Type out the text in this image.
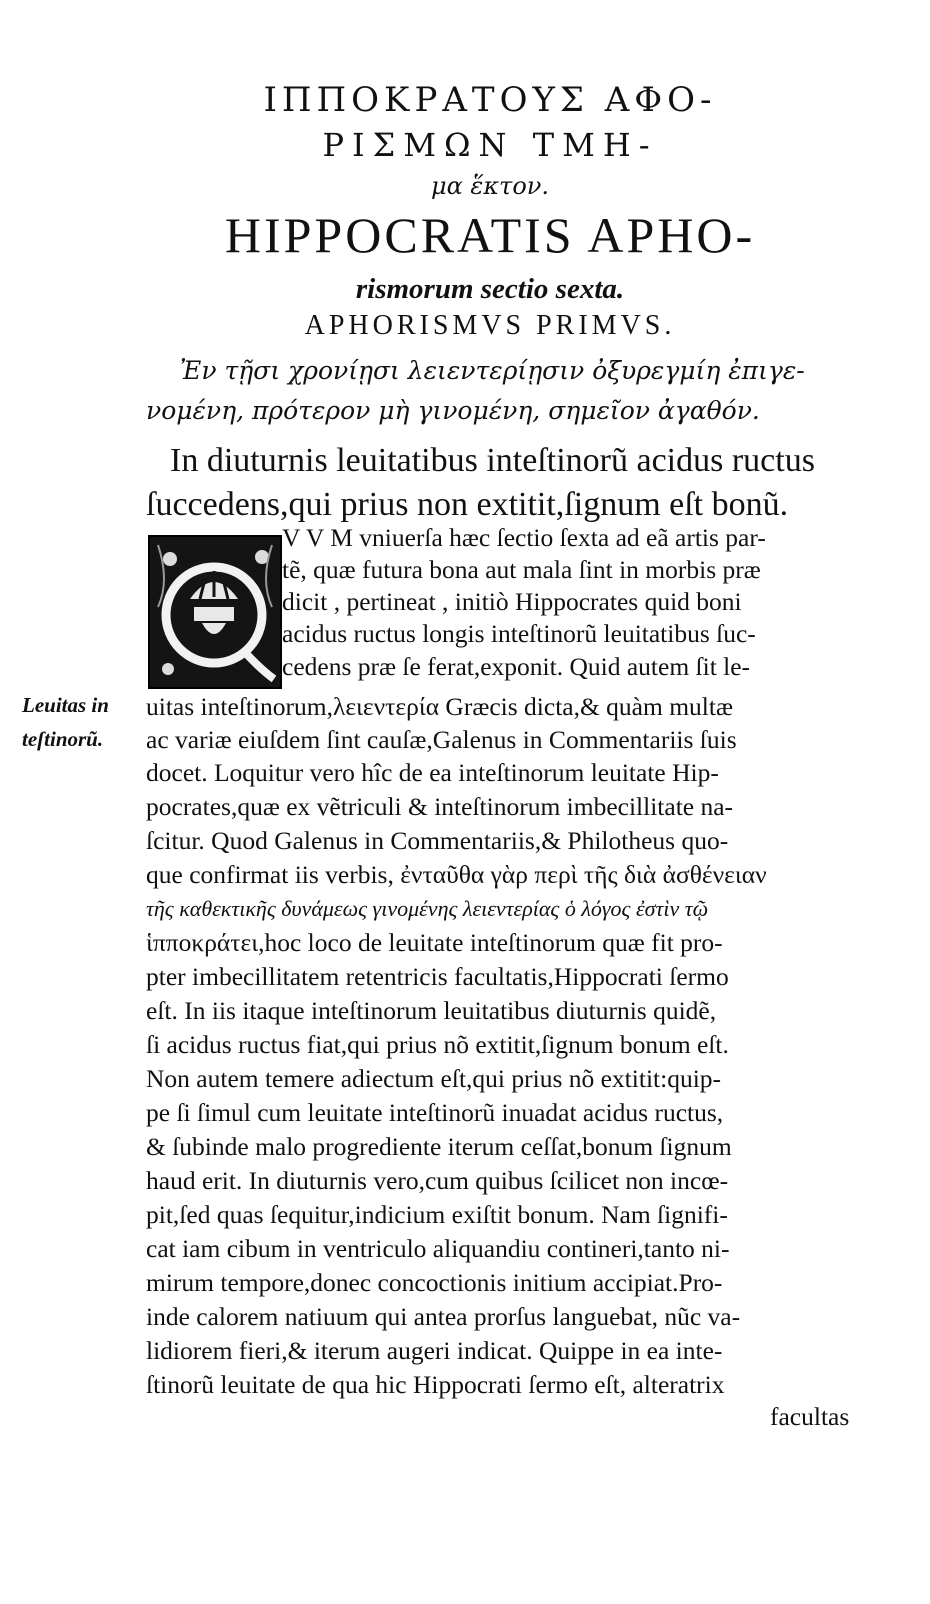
ΙΠΠΟΚΡΑΤΟΥΣ ΑΦΟ-
ΡΙΣΜΩΝ ΤΜΗ-
μα ἕκτον.
HIPPOCRATIS APHO-
rismorum sectio sexta.
APHORISMVS PRIMVS.
Ἐν τῇσι χρονίῃσι λειεντερίῃσιν ὀξυρεγμίη ἐπιγε-
νομένη, πρότερον μὴ γινομένη, σημεῖον ἀγαθόν.
In diuturnis leuitatibus inteſtinorũ acidus ructus
ſuccedens,qui prius non extitit,ſignum eſt bonũ.
Q
Leuitas in
teſtinorũ.
V V M vniuerſa hæc ſectio ſexta ad eã artis par-
tẽ, quæ futura bona aut mala ſint in morbis præ
dicit , pertineat , initiò Hippocrates quid boni
acidus ructus longis inteſtinorũ leuitatibus ſuc-
cedens præ ſe ferat,exponit. Quid autem ſit le-
uitas inteſtinorum,λειεντερία Græcis dicta,& quàm multæ
ac variæ eiuſdem ſint cauſæ,Galenus in Commentariis ſuis
docet. Loquitur vero hîc de ea inteſtinorum leuitate Hip-
pocrates,quæ ex vẽtriculi & inteſtinorum imbecillitate na-
ſcitur. Quod Galenus in Commentariis,& Philotheus quo-
que confirmat iis verbis, ἐνταῦθα γὰρ περὶ τῆς διὰ ἀσθένειαν
τῆς καθεκτικῆς δυνάμεως γινομένης λειεντερίας ὁ λόγος ἐστὶν τῷ
ἱπποκράτει,hoc loco de leuitate inteſtinorum quæ fit pro-
pter imbecillitatem retentricis facultatis,Hippocrati ſermo
eſt. In iis itaque inteſtinorum leuitatibus diuturnis quidẽ,
ſi acidus ructus fiat,qui prius nõ extitit,ſignum bonum eſt.
Non autem temere adiectum eſt,qui prius nõ extitit:quip-
pe ſi ſimul cum leuitate inteſtinorũ inuadat acidus ructus,
& ſubinde malo progrediente iterum ceſſat,bonum ſignum
haud erit. In diuturnis vero,cum quibus ſcilicet non incœ-
pit,ſed quas ſequitur,indicium exiſtit bonum. Nam ſignifi-
cat iam cibum in ventriculo aliquandiu contineri,tanto ni-
mirum tempore,donec concoctionis initium accipiat.Pro-
inde calorem natiuum qui antea prorſus languebat, nũc va-
lidiorem fieri,& iterum augeri indicat. Quippe in ea inte-
ſtinorũ leuitate de qua hic Hippocrati ſermo eſt, alteratrix
facultas
